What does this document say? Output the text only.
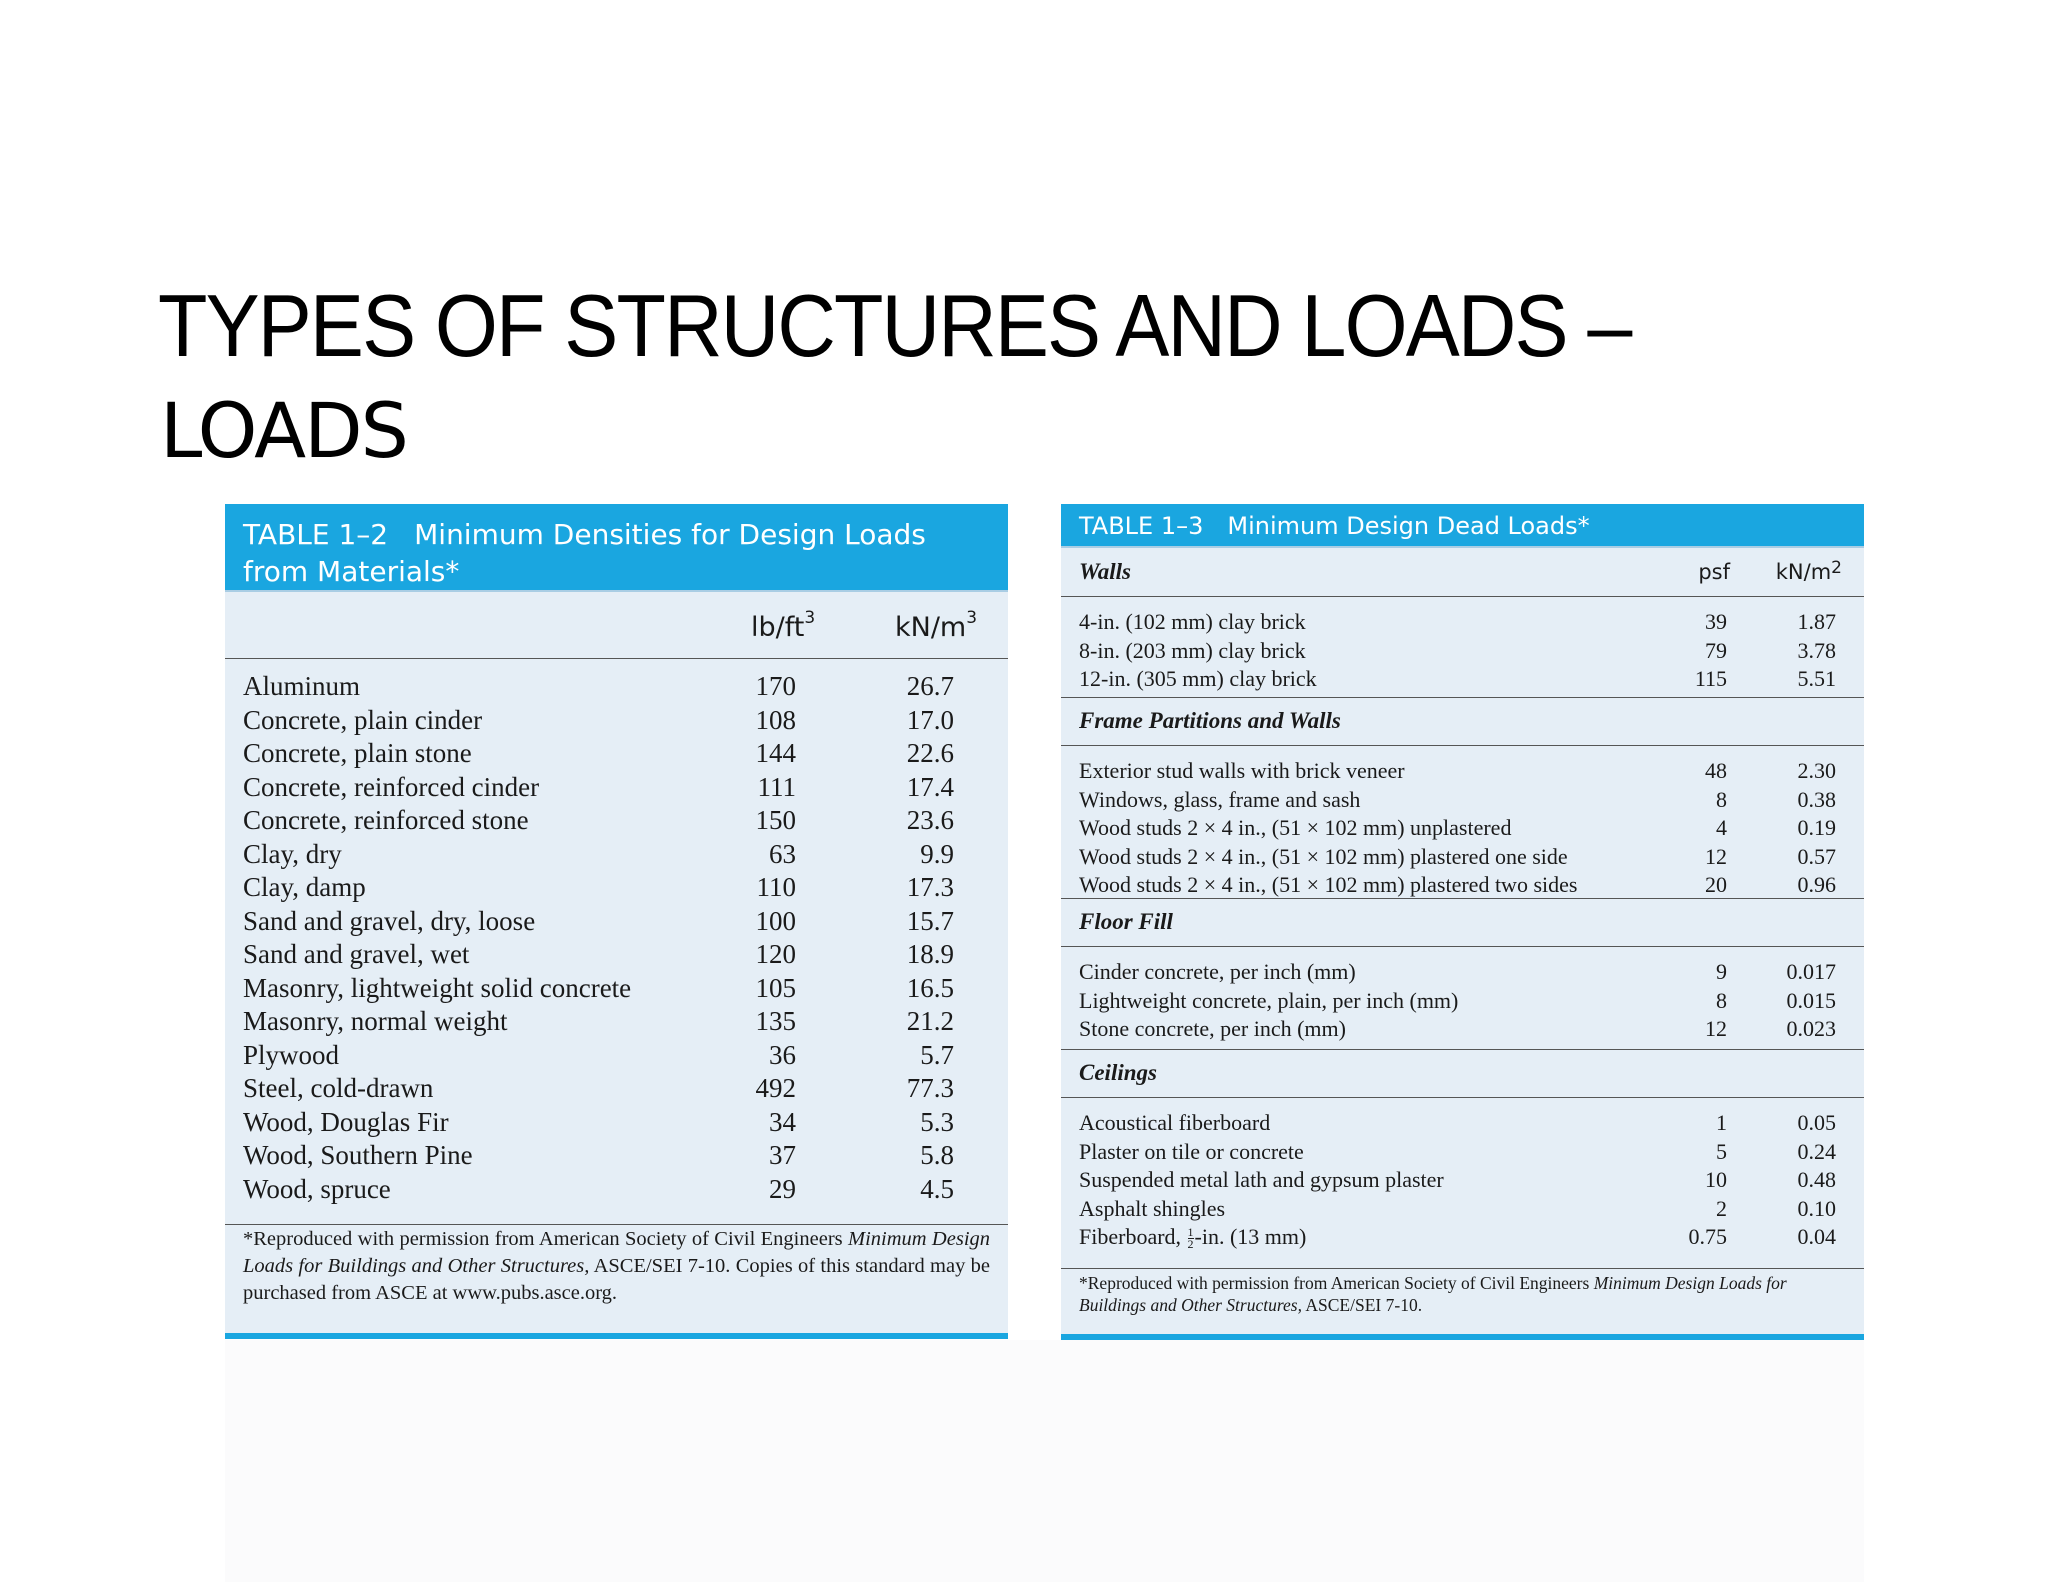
TYPES OF STRUCTURES AND LOADS –
LOADS
TABLE 1–2 Minimum Densities for Design Loads
from Materials*
$lb/ft^3$	$kN/m^3$
Aluminum	170	26.7
Concrete, plain cinder	108	17.0
Concrete, plain stone	144	22.6
Concrete, reinforced cinder	111	17.4
Concrete, reinforced stone	150	23.6
Clay, dry	63	9.9
Clay, damp	110	17.3
Sand and gravel, dry, loose	100	15.7
Sand and gravel, wet	120	18.9
Masonry, lightweight solid concrete	105	16.5
Masonry, normal weight	135	21.2
Plywood	36	5.7
Steel, cold-drawn	492	77.3
Wood, Douglas Fir	34	5.3
Wood, Southern Pine	37	5.8
Wood, spruce	29	4.5
*Reproduced with permission from American Society of Civil Engineers Minimum Design Loads for Buildings and Other Structures, ASCE/SEI 7-10. Copies of this standard may be purchased from ASCE at www.pubs.asce.org.
TABLE 1–3 Minimum Design Dead Loads*
*Reproduced with permission from American Society of Civil Engineers Minimum Design Loads for Buildings and Other Structures, ASCE/SEI 7-10.
Walls	psf $kN/m^2$
4-in. (102 mm) clay brick	39	1.87
8-in. (203 mm) clay brick	79	3.78
12-in. (305 mm) clay brick	115	5.51
Frame Partitions and Walls
Exterior stud walls with brick veneer	48	2.30
Windows, glass, frame and sash	8	0.38
Wood studs 2 × 4 in., (51 × 102 mm) unplastered	4	0.19
Wood studs 2 × 4 in., (51 × 102 mm) plastered one side	12	0.57
Wood studs 2 × 4 in., (51 × 102 mm) plastered two sides	20	0.96
Floor Fill
Cinder concrete, per inch (mm)	9	0.017
Lightweight concrete, plain, per inch (mm)	8	0.015
Stone concrete, per inch (mm)	12	0.023
Ceilings
Acoustical fiberboard	1	0.05
Plaster on tile or concrete	5	0.24
Suspended metal lath and gypsum plaster	10	0.48
Asphalt shingles	2	0.10
Fiberboard, $\frac{1}{2} -in$. (13 mm)	0.75	0.04
